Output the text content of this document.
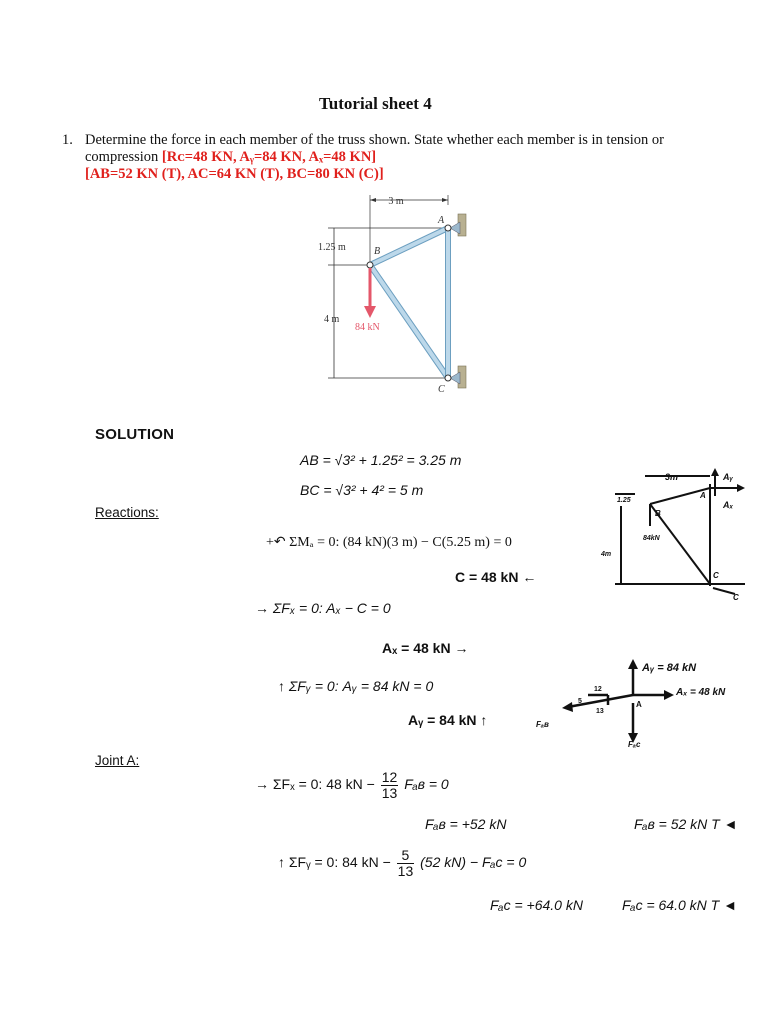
Tutorial sheet 4
1. Determine the force in each member of the truss shown. State whether each member is in tension or
compression [Rᴄ=48 KN, Aᵧ=84 KN, Aₓ=48 KN]
[AB=52 KN (T), AC=64 KN (T), BC=80 KN (C)]
3 m
1.25 m
4 m
84 kN
A
B
C
SOLUTION
AB = √3² + 1.25² = 3.25 m
BC = √3² + 4² = 5 m
Reactions:
+↶ ΣMₐ = 0: (84 kN)(3 m) − C(5.25 m) = 0
C = 48 kN ←
→ ΣFₓ = 0: Aₓ − C = 0
Aₓ = 48 kN →
↑ ΣFᵧ = 0: Aᵧ = 84 kN = 0
Aᵧ = 84 kN ↑
Joint A:
→ ΣFₓ = 0: 48 kN − $\frac{12}{13}$ Fₐʙ = 0
Fₐʙ = +52 kN	Fₐʙ = 52 kN T ◄
↑ ΣFᵧ = 0: 84 kN − $\frac{5}{13} (52$ kN) − Fₐᴄ = 0
Fₐᴄ = +64.0 kN	Fₐᴄ = 64.0 kN T ◄
3m	Aᵧ
Aₓ
1.25
B
84kN
4m
A
C
C
Aᵧ = 84 kN
Aₓ = 48 kN
Fₐʙ
Fₐᴄ
12
13
5	A
